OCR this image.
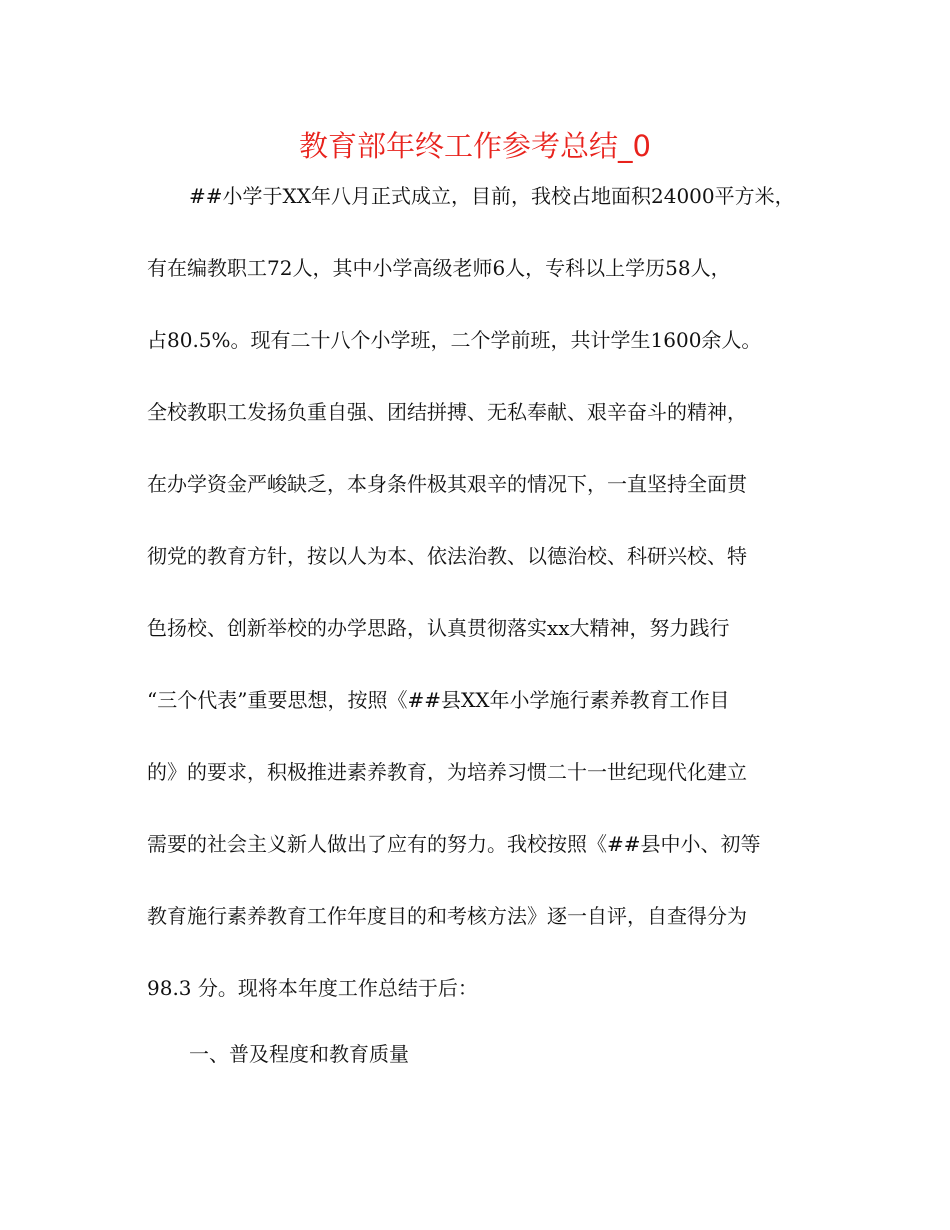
教育部年终工作参考总结_0
##小学于XX年八月正式成立，目前，我校占地面积24000平方米，
有在编教职工72人，其中小学高级老师6人，专科以上学历58人，
占80.5%。现有二十八个小学班，二个学前班，共计学生1600余人。
全校教职工发扬负重自强、团结拼搏、无私奉献、艰辛奋斗的精神，
在办学资金严峻缺乏，本身条件极其艰辛的情况下，一直坚持全面贯
彻党的教育方针，按以人为本、依法治教、以德治校、科研兴校、特
色扬校、创新举校的办学思路，认真贯彻落实xx大精神，努力践行
“三个代表”重要思想，按照《##县XX年小学施行素养教育工作目
的》的要求，积极推进素养教育，为培养习惯二十一世纪现代化建立
需要的社会主义新人做出了应有的努力。我校按照《##县中小、初等
教育施行素养教育工作年度目的和考核方法》逐一自评，自查得分为
98.3 分。现将本年度工作总结于后：
一、普及程度和教育质量
